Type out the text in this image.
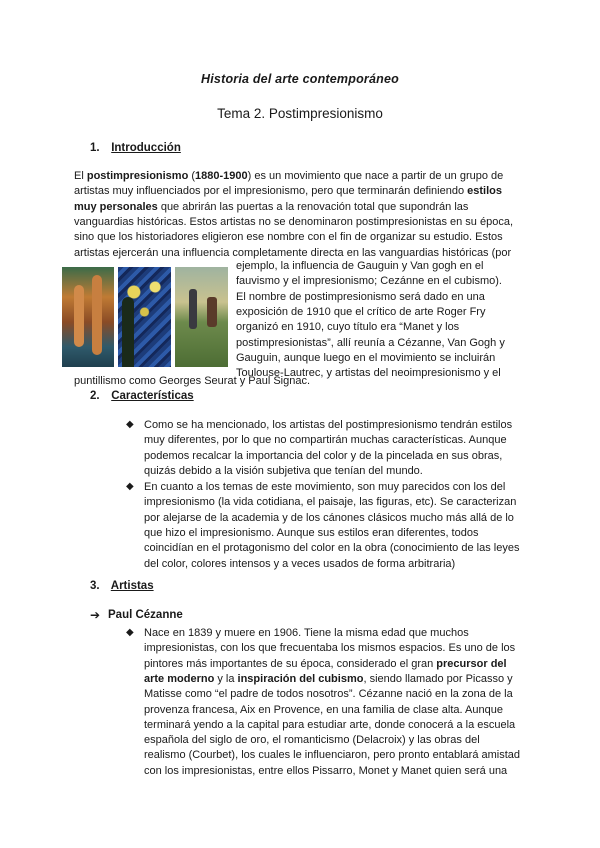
Historia del arte contemporáneo
Tema 2. Postimpresionismo
1. Introducción
El postimpresionismo (1880-1900) es un movimiento que nace a partir de un grupo de
artistas muy influenciados por el impresionismo, pero que terminarán definiendo estilos
muy personales que abrirán las puertas a la renovación total que supondrán las
vanguardias históricas. Estos artistas no se denominaron postimpresionistas en su época,
sino que los historiadores eligieron ese nombre con el fin de organizar su estudio. Estos
artistas ejercerán una influencia completamente directa en las vanguardias históricas (por
ejemplo, la influencia de Gauguin y Van gogh en el
fauvismo y el impresionismo; Cezánne en el cubismo).
El nombre de postimpresionismo será dado en una
exposición de 1910 que el crítico de arte Roger Fry
organizó en 1910, cuyo título era “Manet y los
postimpresionistas”, allí reunía a Cézanne, Van Gogh y
Gauguin, aunque luego en el movimiento se incluirán
Toulouse-Lautrec, y artistas del neoimpresionismo y el
puntillismo como Georges Seurat y Paul Signac.
2. Características
◆ Como se ha mencionado, los artistas del postimpresionismo tendrán estilos
muy diferentes, por lo que no compartirán muchas características. Aunque
podemos recalcar la importancia del color y de la pincelada en sus obras,
quizás debido a la visión subjetiva que tenían del mundo.
◆ En cuanto a los temas de este movimiento, son muy parecidos con los del
impresionismo (la vida cotidiana, el paisaje, las figuras, etc). Se caracterizan
por alejarse de la academia y de los cánones clásicos mucho más allá de lo
que hizo el impresionismo. Aunque sus estilos eran diferentes, todos
coincidían en el protagonismo del color en la obra (conocimiento de las leyes
del color, colores intensos y a veces usados de forma arbitraria)
3. Artistas
➔ Paul Cézanne
◆ Nace en 1839 y muere en 1906. Tiene la misma edad que muchos
impresionistas, con los que frecuentaba los mismos espacios. Es uno de los
pintores más importantes de su época, considerado el gran precursor del
arte moderno y la inspiración del cubismo, siendo llamado por Picasso y
Matisse como “el padre de todos nosotros”. Cézanne nació en la zona de la
provenza francesa, Aix en Provence, en una familia de clase alta. Aunque
terminará yendo a la capital para estudiar arte, donde conocerá a la escuela
española del siglo de oro, el romanticismo (Delacroix) y las obras del
realismo (Courbet), los cuales le influenciaron, pero pronto entablará amistad
con los impresionistas, entre ellos Pissarro, Monet y Manet quien será una
